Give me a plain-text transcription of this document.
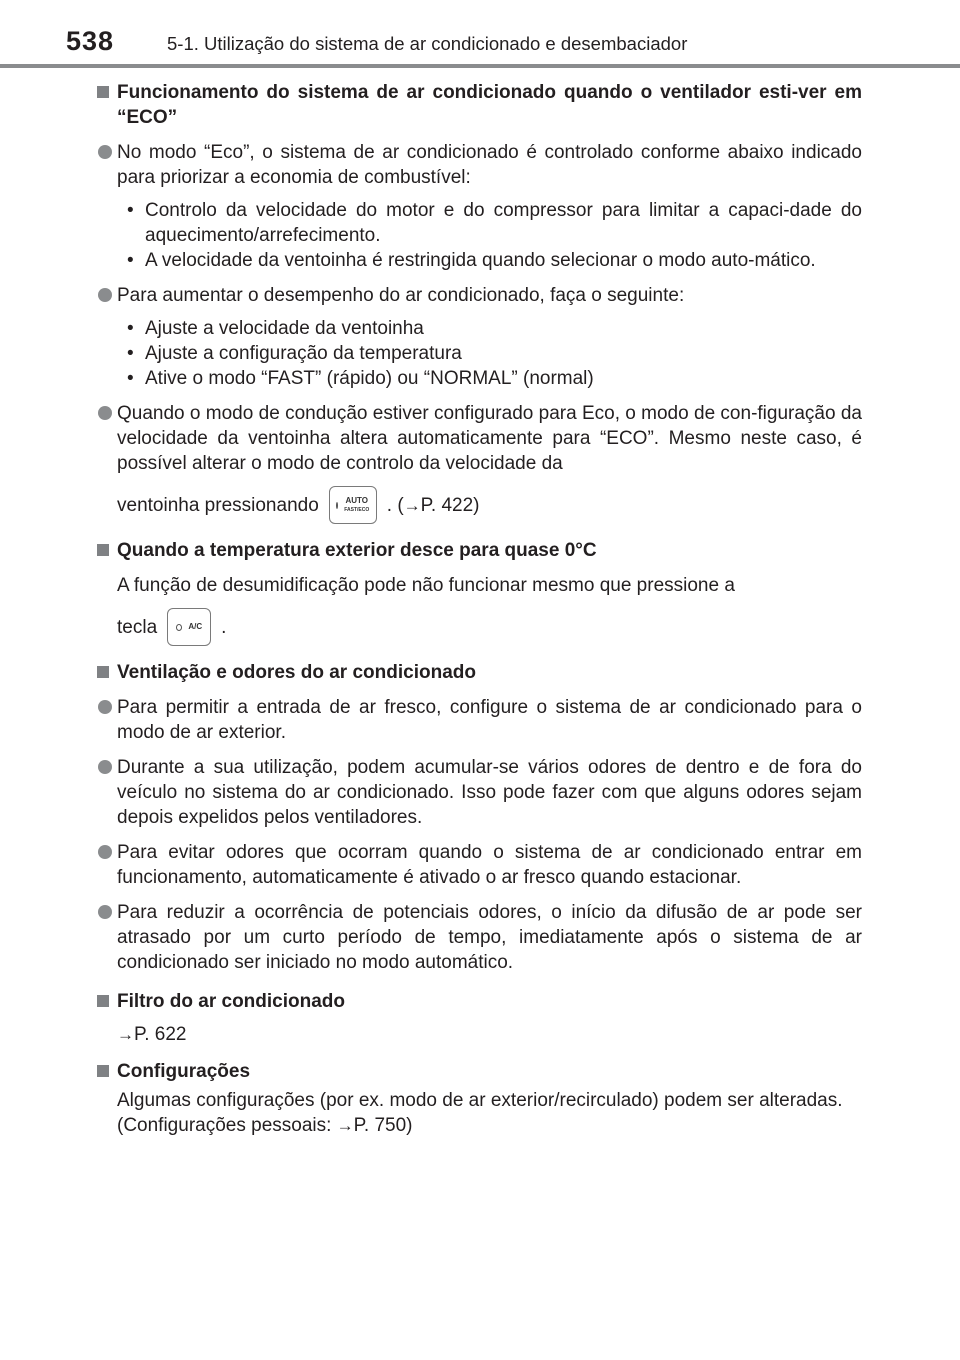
538	5-1. Utilização do sistema de ar condicionado e desembaciador
Funcionamento do sistema de ar condicionado quando o ventilador esti-ver em “ECO”
No modo “Eco”, o sistema de ar condicionado é controlado conforme abaixo indicado para priorizar a economia de combustível:
• Controlo da velocidade do motor e do compressor para limitar a capaci-dade do aquecimento/arrefecimento.
• A velocidade da ventoinha é restringida quando selecionar o modo auto-mático.
Para aumentar o desempenho do ar condicionado, faça o seguinte:
• Ajuste a velocidade da ventoinha
• Ajuste a configuração da temperatura
• Ative o modo “FAST” (rápido) ou “NORMAL” (normal)
Quando o modo de condução estiver configurado para Eco, o modo de con-figuração da velocidade da ventoinha altera automaticamente para “ECO”. Mesmo neste caso, é possível alterar o modo de controlo da velocidade da
ventoinha pressionando	AUTO
FAST/ECO . ( → P. 422)
Quando a temperatura exterior desce para quase 0°C
A função de desumidificação pode não funcionar mesmo que pressione a
tecla	A/C .
Ventilação e odores do ar condicionado
Para permitir a entrada de ar fresco, configure o sistema de ar condicionado para o modo de ar exterior.
Durante a sua utilização, podem acumular-se vários odores de dentro e de fora do veículo no sistema do ar condicionado. Isso pode fazer com que alguns odores sejam depois expelidos pelos ventiladores.
Para evitar odores que ocorram quando o sistema de ar condicionado entrar em funcionamento, automaticamente é ativado o ar fresco quando estacionar.
Para reduzir a ocorrência de potenciais odores, o início da difusão de ar pode ser atrasado por um curto período de tempo, imediatamente após o sistema de ar condicionado ser iniciado no modo automático.
Filtro do ar condicionado
→P. 622
Configurações
Algumas configurações (por ex. modo de ar exterior/recirculado) podem ser alteradas.
(Configurações pessoais: →P. 750)
